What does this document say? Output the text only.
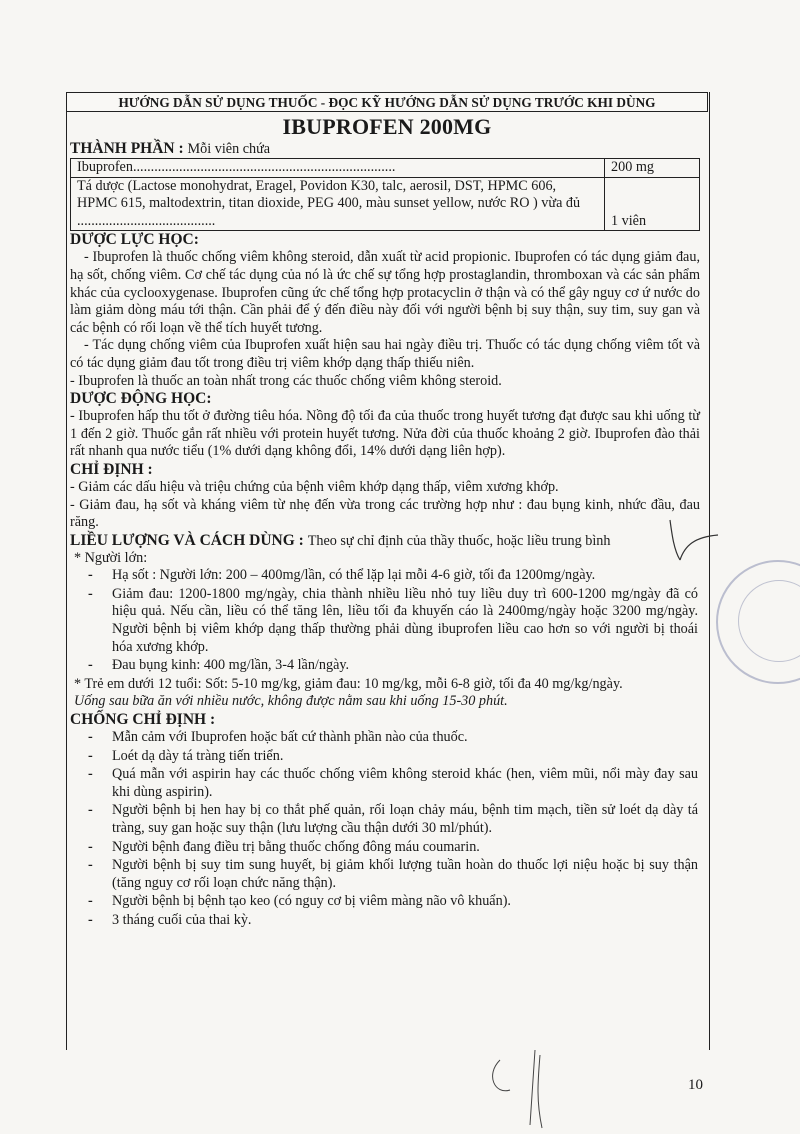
HƯỚNG DẪN SỬ DỤNG THUỐC - ĐỌC KỸ HƯỚNG DẪN SỬ DỤNG TRƯỚC KHI DÙNG
IBUPROFEN 200MG
THÀNH PHẦN : Mỗi viên chứa
Ibuprofen..........................................................................	200 mg
Tá dược (Lactose monohydrat, Eragel, Povidon K30, talc, aerosil, DST, HPMC 606, HPMC 615, maltodextrin, titan dioxide, PEG 400, màu sunset yellow, nước RO ) vừa đủ .......................................	1 viên
DƯỢC LỰC HỌC:
- Ibuprofen là thuốc chống viêm không steroid, dẫn xuất từ acid propionic. Ibuprofen có tác dụng giảm đau, hạ sốt, chống viêm. Cơ chế tác dụng của nó là ức chế sự tổng hợp prostaglandin, thromboxan và các sản phẩm khác của cyclooxygenase. Ibuprofen cũng ức chế tổng hợp protacyclin ở thận và có thể gây nguy cơ ứ nước do làm giảm dòng máu tới thận. Cần phải để ý đến điều này đối với người bệnh bị suy thận, suy tim, suy gan và các bệnh có rối loạn về thể tích huyết tương.
- Tác dụng chống viêm của Ibuprofen xuất hiện sau hai ngày điều trị. Thuốc có tác dụng chống viêm tốt và có tác dụng giảm đau tốt trong điều trị viêm khớp dạng thấp thiếu niên.
- Ibuprofen là thuốc an toàn nhất trong các thuốc chống viêm không steroid.
DƯỢC ĐỘNG HỌC:
- Ibuprofen hấp thu tốt ở đường tiêu hóa. Nồng độ tối đa của thuốc trong huyết tương đạt được sau khi uống từ 1 đến 2 giờ. Thuốc gắn rất nhiều với protein huyết tương. Nửa đời của thuốc khoảng 2 giờ. Ibuprofen đào thải rất nhanh qua nước tiểu (1% dưới dạng không đổi, 14% dưới dạng liên hợp).
CHỈ ĐỊNH :
- Giảm các dấu hiệu và triệu chứng của bệnh viêm khớp dạng thấp, viêm xương khớp.
- Giảm đau, hạ sốt và kháng viêm từ nhẹ đến vừa trong các trường hợp như : đau bụng kinh, nhức đầu, đau răng.
LIỀU LƯỢNG VÀ CÁCH DÙNG : Theo sự chỉ định của thầy thuốc, hoặc liều trung bình
* Người lớn:
- Hạ sốt : Người lớn: 200 – 400mg/lần, có thể lặp lại mỗi 4-6 giờ, tối đa 1200mg/ngày.
- Giảm đau: 1200-1800 mg/ngày, chia thành nhiều liều nhỏ tuy liều duy trì 600-1200 mg/ngày đã có hiệu quả. Nếu cần, liều có thể tăng lên, liều tối đa khuyến cáo là 2400mg/ngày hoặc 3200 mg/ngày. Người bệnh bị viêm khớp dạng thấp thường phải dùng ibuprofen liều cao hơn so với người bị thoái hóa xương khớp.
- Đau bụng kinh: 400 mg/lần, 3-4 lần/ngày.
* Trẻ em dưới 12 tuổi: Sốt: 5-10 mg/kg, giảm đau: 10 mg/kg, mỗi 6-8 giờ, tối đa 40 mg/kg/ngày.
Uống sau bữa ăn với nhiều nước, không được nằm sau khi uống 15-30 phút.
CHỐNG CHỈ ĐỊNH :
- Mẫn cảm với Ibuprofen hoặc bất cứ thành phần nào của thuốc.
- Loét dạ dày tá tràng tiến triển.
- Quá mẫn với aspirin hay các thuốc chống viêm không steroid khác (hen, viêm mũi, nổi mày đay sau khi dùng aspirin).
- Người bệnh bị hen hay bị co thắt phế quản, rối loạn chảy máu, bệnh tim mạch, tiền sử loét dạ dày tá tràng, suy gan hoặc suy thận (lưu lượng cầu thận dưới 30 ml/phút).
- Người bệnh đang điều trị bằng thuốc chống đông máu coumarin.
- Người bệnh bị suy tim sung huyết, bị giảm khối lượng tuần hoàn do thuốc lợi niệu hoặc bị suy thận (tăng nguy cơ rối loạn chức năng thận).
- Người bệnh bị bệnh tạo keo (có nguy cơ bị viêm màng não vô khuẩn).
- 3 tháng cuối của thai kỳ.
10
